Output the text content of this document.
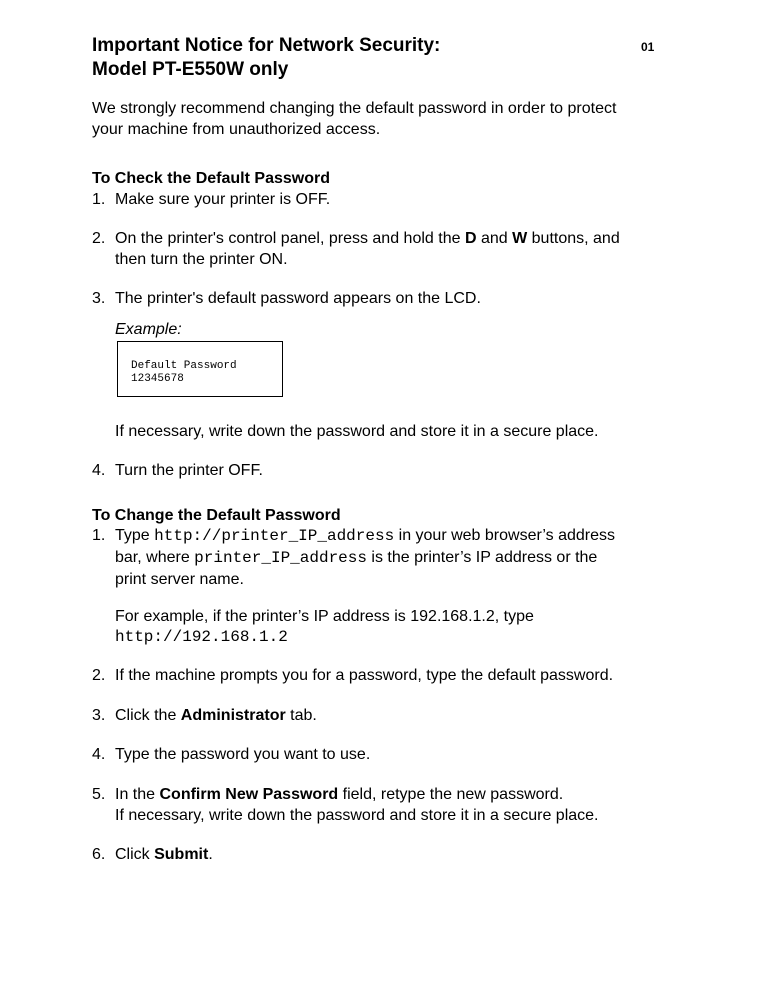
Important Notice for Network Security:
Model PT-E550W only
01
We strongly recommend changing the default password in order to protect
your machine from unauthorized access.
To Check the Default Password
1. Make sure your printer is OFF.
2. On the printer's control panel, press and hold the D and W buttons, and
then turn the printer ON.
3. The printer's default password appears on the LCD.
Example:
Default Password
12345678
If necessary, write down the password and store it in a secure place.
4. Turn the printer OFF.
To Change the Default Password
1. Type http://printer_IP_address in your web browser’s address
bar, where printer_IP_address is the printer’s IP address or the
print server name.
For example, if the printer’s IP address is 192.168.1.2, type
http://192.168.1.2
2. If the machine prompts you for a password, type the default password.
3. Click the Administrator tab.
4. Type the password you want to use.
5. In the Confirm New Password field, retype the new password.
If necessary, write down the password and store it in a secure place.
6. Click Submit.
